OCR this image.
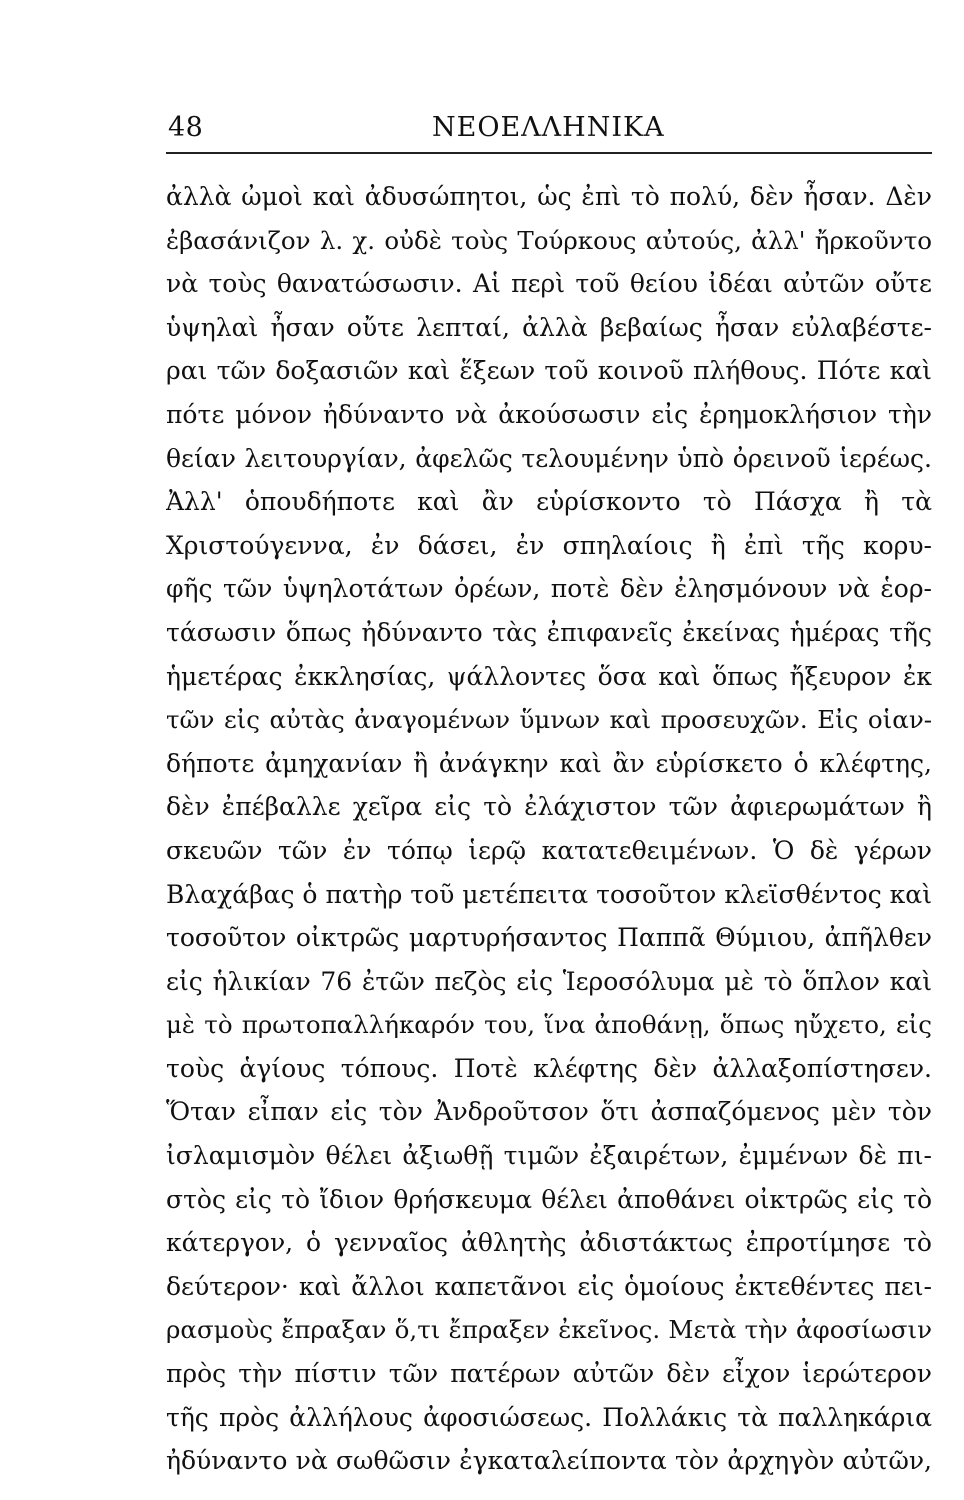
48	ΝΕΟΕΛΛΗΝΙΚΑ
ἀλλὰ ὠμοὶ καὶ ἀδυσώπητοι, ὡς ἐπὶ τὸ πολύ, δὲν ἦσαν. Δὲν
ἐβασάνιζον λ. χ. οὐδὲ τοὺς Τούρκους αὐτούς, ἀλλ' ἤρκοῦντο
νὰ τοὺς θανατώσωσιν. Αἱ περὶ τοῦ θείου ἰδέαι αὐτῶν οὔτε
ὑψηλαὶ ἦσαν οὔτε λεπταί, ἀλλὰ βεβαίως ἦσαν εὐλαβέστε-
ραι τῶν δοξασιῶν καὶ ἕξεων τοῦ κοινοῦ πλήθους. Πότε καὶ
πότε μόνον ἠδύναντο νὰ ἀκούσωσιν εἰς ἐρημοκλήσιον τὴν
θείαν λειτουργίαν, ἀφελῶς τελουμένην ὑπὸ ὀρεινοῦ ἱερέως.
Ἀλλ' ὁπουδήποτε καὶ ἂν εὑρίσκοντο τὸ Πάσχα ἢ τὰ
Χριστούγεννα, ἐν δάσει, ἐν σπηλαίοις ἢ ἐπὶ τῆς κορυ-
φῆς τῶν ὑψηλοτάτων ὀρέων, ποτὲ δὲν ἐλησμόνουν νὰ ἑορ-
τάσωσιν ὅπως ἠδύναντο τὰς ἐπιφανεῖς ἐκείνας ἡμέρας τῆς
ἡμετέρας ἐκκλησίας, ψάλλοντες ὅσα καὶ ὅπως ἤξευρον ἐκ
τῶν εἰς αὐτὰς ἀναγομένων ὕμνων καὶ προσευχῶν. Εἰς οἱαν-
δήποτε ἀμηχανίαν ἢ ἀνάγκην καὶ ἂν εὑρίσκετο ὁ κλέφτης,
δὲν ἐπέβαλλε χεῖρα εἰς τὸ ἐλάχιστον τῶν ἀφιερωμάτων ἢ
σκευῶν τῶν ἐν τόπῳ ἱερῷ κατατεθειμένων. Ὁ δὲ γέρων
Βλαχάβας ὁ πατὴρ τοῦ μετέπειτα τοσοῦτον κλεϊσθέντος καὶ
τοσοῦτον οἰκτρῶς μαρτυρήσαντος Παππᾶ Θύμιου, ἀπῆλθεν
εἰς ἡλικίαν 76 ἐτῶν πεζὸς εἰς Ἱεροσόλυμα μὲ τὸ ὅπλον καὶ
μὲ τὸ πρωτοπαλλήκαρόν του, ἵνα ἀποθάνῃ, ὅπως ηὔχετο, εἰς
τοὺς ἁγίους τόπους. Ποτὲ κλέφτης δὲν ἀλλαξοπίστησεν.
Ὅταν εἶπαν εἰς τὸν Ἀνδροῦτσον ὅτι ἀσπαζόμενος μὲν τὸν
ἰσλαμισμὸν θέλει ἀξιωθῇ τιμῶν ἐξαιρέτων, ἐμμένων δὲ πι-
στὸς εἰς τὸ ἴδιον θρήσκευμα θέλει ἀποθάνει οἰκτρῶς εἰς τὸ
κάτεργον, ὁ γενναῖος ἀθλητὴς ἀδιστάκτως ἐπροτίμησε τὸ
δεύτερον· καὶ ἄλλοι καπετᾶνοι εἰς ὁμοίους ἐκτεθέντες πει-
ρασμοὺς ἔπραξαν ὅ,τι ἔπραξεν ἐκεῖνος. Μετὰ τὴν ἀφοσίωσιν
πρὸς τὴν πίστιν τῶν πατέρων αὐτῶν δὲν εἶχον ἱερώτερον
τῆς πρὸς ἀλλήλους ἀφοσιώσεως. Πολλάκις τὰ παλληκάρια
ἠδύναντο νὰ σωθῶσιν ἐγκαταλείποντα τὸν ἀρχηγὸν αὐτῶν,
